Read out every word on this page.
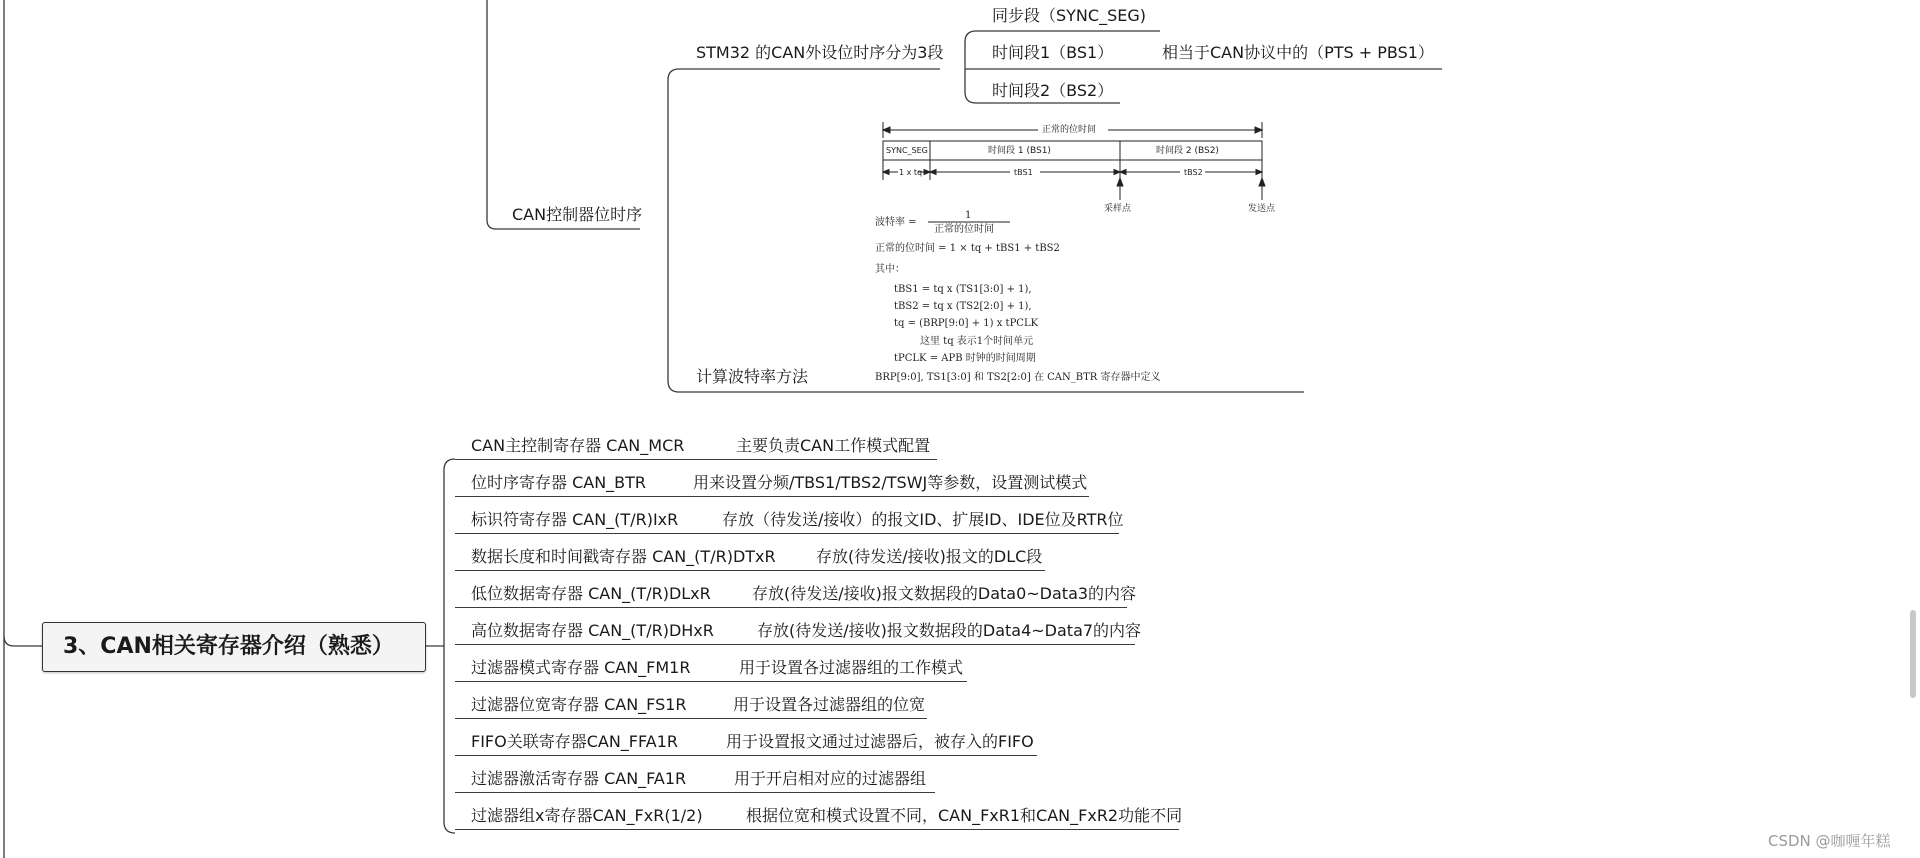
CAN控制器位时序
STM32 的CAN外设位时序分为3段
同步段（SYNC_SEG)
时间段1（BS1）	相当于CAN协议中的（PTS + PBS1）
时间段2（BS2）
计算波特率方法
正常的位时间
SYNC_SEG	时间段 1 (BS1)	时间段 2 (BS2)
1 x tq	tBS1	tBS2
采样点	发送点
波特率 =
1
正常的位时间
正常的位时间 = 1 × tq + tBS1 + tBS2
其中：
tBS1 = tq x (TS1[3:0] + 1),
tBS2 = tq x (TS2[2:0] + 1),
tq = (BRP[9:0] + 1) x tPCLK
这里 tq 表示1个时间单元
tPCLK = APB 时钟的时间周期
BRP[9:0], TS1[3:0] 和 TS2[2:0] 在 CAN_BTR 寄存器中定义
3、CAN相关寄存器介绍（熟悉）
CAN主控制寄存器 CAN_MCR	主要负责CAN工作模式配置
位时序寄存器 CAN_BTR	用来设置分频/TBS1/TBS2/TSWJ等参数，设置测试模式
标识符寄存器 CAN_(T/R)IxR	存放（待发送/接收）的报文ID、扩展ID、IDE位及RTR位
数据长度和时间戳寄存器 CAN_(T/R)DTxR	存放(待发送/接收)报文的DLC段
低位数据寄存器 CAN_(T/R)DLxR	存放(待发送/接收)报文数据段的Data0~Data3的内容
高位数据寄存器 CAN_(T/R)DHxR	存放(待发送/接收)报文数据段的Data4~Data7的内容
过滤器模式寄存器 CAN_FM1R	用于设置各过滤器组的工作模式
过滤器位宽寄存器 CAN_FS1R	用于设置各过滤器组的位宽
FIFO关联寄存器CAN_FFA1R	用于设置报文通过过滤器后，被存入的FIFO
过滤器激活寄存器 CAN_FA1R	用于开启相对应的过滤器组
过滤器组x寄存器CAN_FxR(1/2)	根据位宽和模式设置不同，CAN_FxR1和CAN_FxR2功能不同
CSDN @咖喱年糕
